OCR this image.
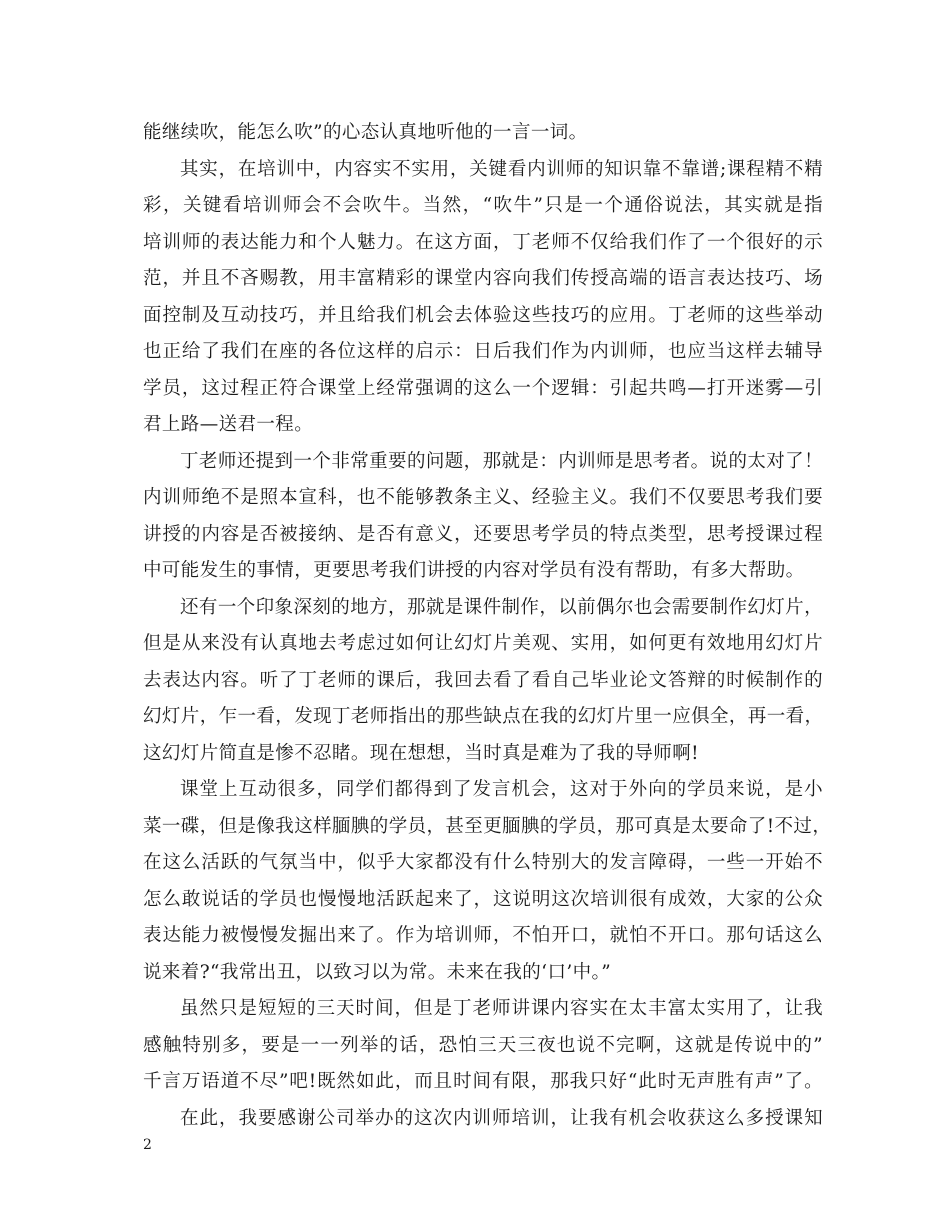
能继续吹，能怎么吹”的心态认真地听他的一言一词。
其实，在培训中，内容实不实用，关键看内训师的知识靠不靠谱;课程精不精
彩，关键看培训师会不会吹牛。当然，“吹牛”只是一个通俗说法，其实就是指
培训师的表达能力和个人魅力。在这方面，丁老师不仅给我们作了一个很好的示
范，并且不吝赐教，用丰富精彩的课堂内容向我们传授高端的语言表达技巧、场
面控制及互动技巧，并且给我们机会去体验这些技巧的应用。丁老师的这些举动
也正给了我们在座的各位这样的启示：日后我们作为内训师，也应当这样去辅导
学员，这过程正符合课堂上经常强调的这么一个逻辑：引起共鸣—打开迷雾—引
君上路—送君一程。
丁老师还提到一个非常重要的问题，那就是：内训师是思考者。说的太对了！
内训师绝不是照本宣科，也不能够教条主义、经验主义。我们不仅要思考我们要
讲授的内容是否被接纳、是否有意义，还要思考学员的特点类型，思考授课过程
中可能发生的事情，更要思考我们讲授的内容对学员有没有帮助，有多大帮助。
还有一个印象深刻的地方，那就是课件制作，以前偶尔也会需要制作幻灯片，
但是从来没有认真地去考虑过如何让幻灯片美观、实用，如何更有效地用幻灯片
去表达内容。听了丁老师的课后，我回去看了看自己毕业论文答辩的时候制作的
幻灯片，乍一看，发现丁老师指出的那些缺点在我的幻灯片里一应俱全，再一看，
这幻灯片简直是惨不忍睹。现在想想，当时真是难为了我的导师啊!
课堂上互动很多，同学们都得到了发言机会，这对于外向的学员来说，是小
菜一碟，但是像我这样腼腆的学员，甚至更腼腆的学员，那可真是太要命了!不过，
在这么活跃的气氛当中，似乎大家都没有什么特别大的发言障碍，一些一开始不
怎么敢说话的学员也慢慢地活跃起来了，这说明这次培训很有成效，大家的公众
表达能力被慢慢发掘出来了。作为培训师，不怕开口，就怕不开口。那句话这么
说来着?“我常出丑，以致习以为常。未来在我的‘口’中。”
虽然只是短短的三天时间，但是丁老师讲课内容实在太丰富太实用了，让我
感触特别多，要是一一列举的话，恐怕三天三夜也说不完啊，这就是传说中的”
千言万语道不尽”吧!既然如此，而且时间有限，那我只好“此时无声胜有声”了。
在此，我要感谢公司举办的这次内训师培训，让我有机会收获这么多授课知
2
